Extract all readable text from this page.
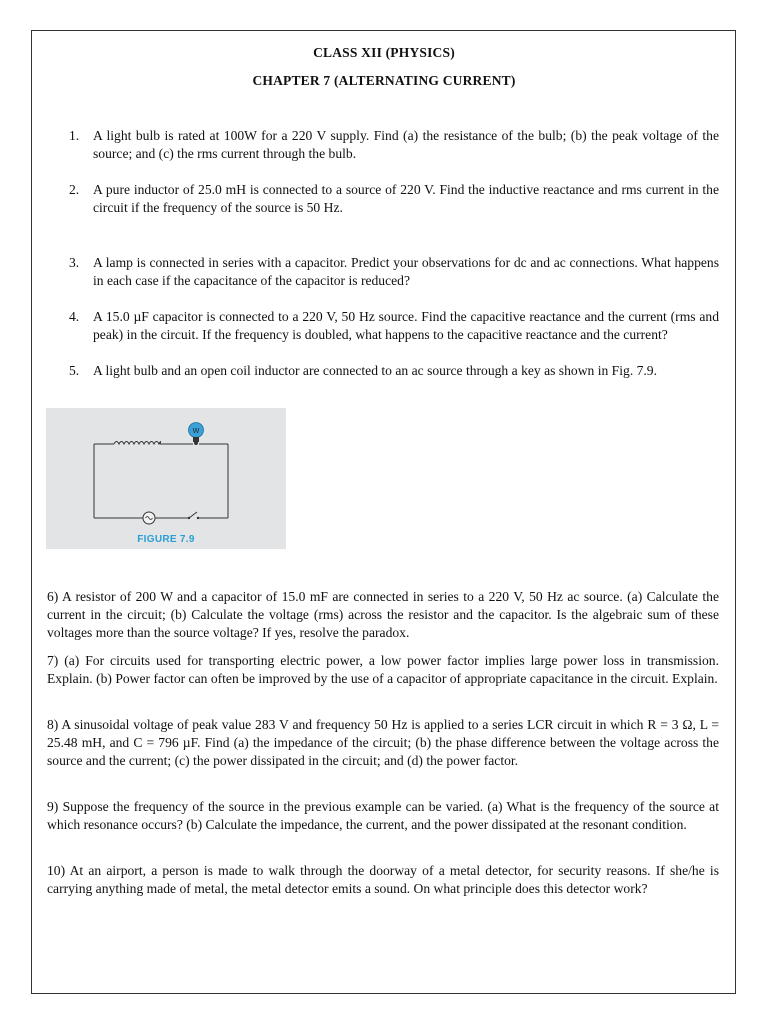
CLASS XII (PHYSICS)
CHAPTER 7 (ALTERNATING CURRENT)
1. A light bulb is rated at 100W for a 220 V supply. Find (a) the resistance of the bulb; (b) the peak voltage of the source; and (c) the rms current through the bulb.
2. A pure inductor of 25.0 mH is connected to a source of 220 V. Find the inductive reactance and rms current in the circuit if the frequency of the source is 50 Hz.
3. A lamp is connected in series with a capacitor. Predict your observations for dc and ac connections. What happens in each case if the capacitance of the capacitor is reduced?
4. A 15.0 µF capacitor is connected to a 220 V, 50 Hz source. Find the capacitive reactance and the current (rms and peak) in the circuit. If the frequency is doubled, what happens to the capacitive reactance and the current?
5. A light bulb and an open coil inductor are connected to an ac source through a key as shown in Fig. 7.9.
W
FIGURE 7.9
6) A resistor of 200 W and a capacitor of 15.0 mF are connected in series to a 220 V, 50 Hz ac source. (a) Calculate the current in the circuit; (b) Calculate the voltage (rms) across the resistor and the capacitor. Is the algebraic sum of these voltages more than the source voltage? If yes, resolve the paradox.
7) (a) For circuits used for transporting electric power, a low power factor implies large power loss in transmission. Explain. (b) Power factor can often be improved by the use of a capacitor of appropriate capacitance in the circuit. Explain.
8) A sinusoidal voltage of peak value 283 V and frequency 50 Hz is applied to a series LCR circuit in which R = 3 Ω, L = 25.48 mH, and C = 796 µF. Find (a) the impedance of the circuit; (b) the phase difference between the voltage across the source and the current; (c) the power dissipated in the circuit; and (d) the power factor.
9) Suppose the frequency of the source in the previous example can be varied. (a) What is the frequency of the source at which resonance occurs? (b) Calculate the impedance, the current, and the power dissipated at the resonant condition.
10) At an airport, a person is made to walk through the doorway of a metal detector, for security reasons. If she/he is carrying anything made of metal, the metal detector emits a sound. On what principle does this detector work?
